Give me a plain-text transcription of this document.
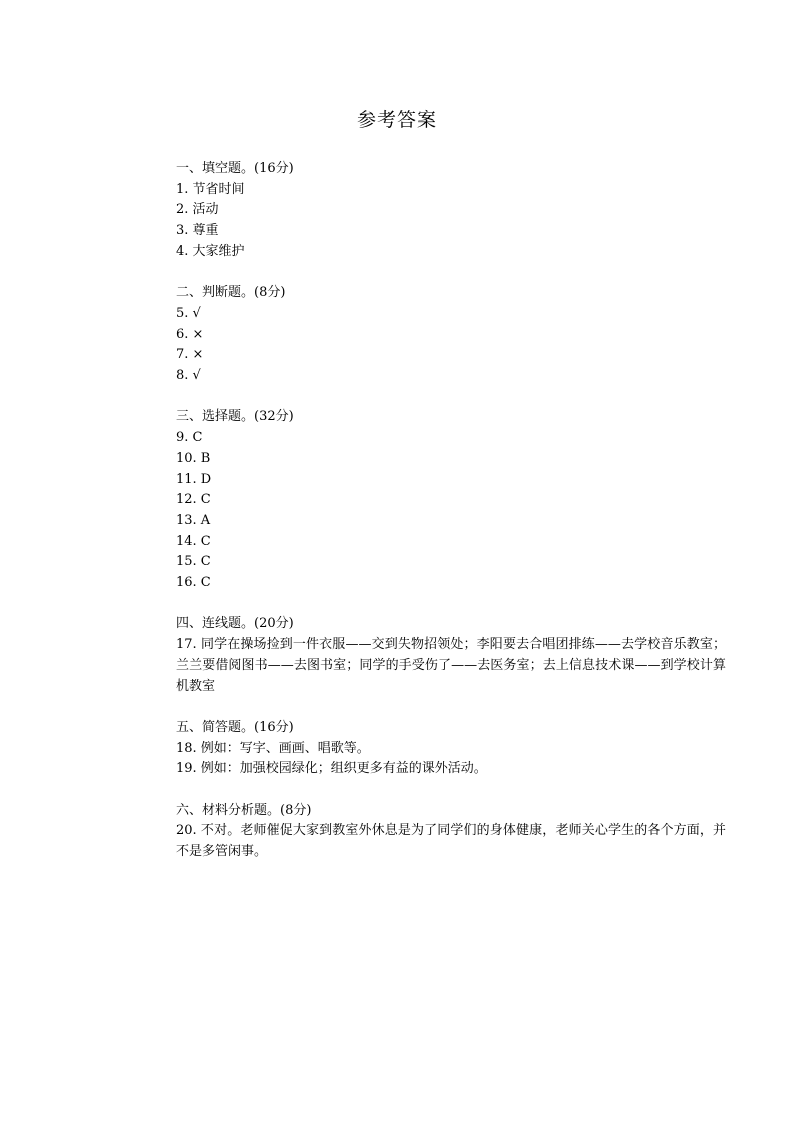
参考答案
一、填空题。(16分)
1. 节省时间
2. 活动
3. 尊重
4. 大家维护
二、判断题。(8分)
5. √
6. ×
7. ×
8. √
三、选择题。(32分)
9. C
10. B
11. D
12. C
13. A
14. C
15. C
16. C
四、连线题。(20分)
17. 同学在操场捡到一件衣服——交到失物招领处；李阳要去合唱团排练——去学校音乐教室；兰兰要借阅图书——去图书室；同学的手受伤了——去医务室；去上信息技术课——到学校计算机教室
五、简答题。(16分)
18. 例如：写字、画画、唱歌等。
19. 例如：加强校园绿化；组织更多有益的课外活动。
六、材料分析题。(8分)
20. 不对。老师催促大家到教室外休息是为了同学们的身体健康，老师关心学生的各个方面，并不是多管闲事。
